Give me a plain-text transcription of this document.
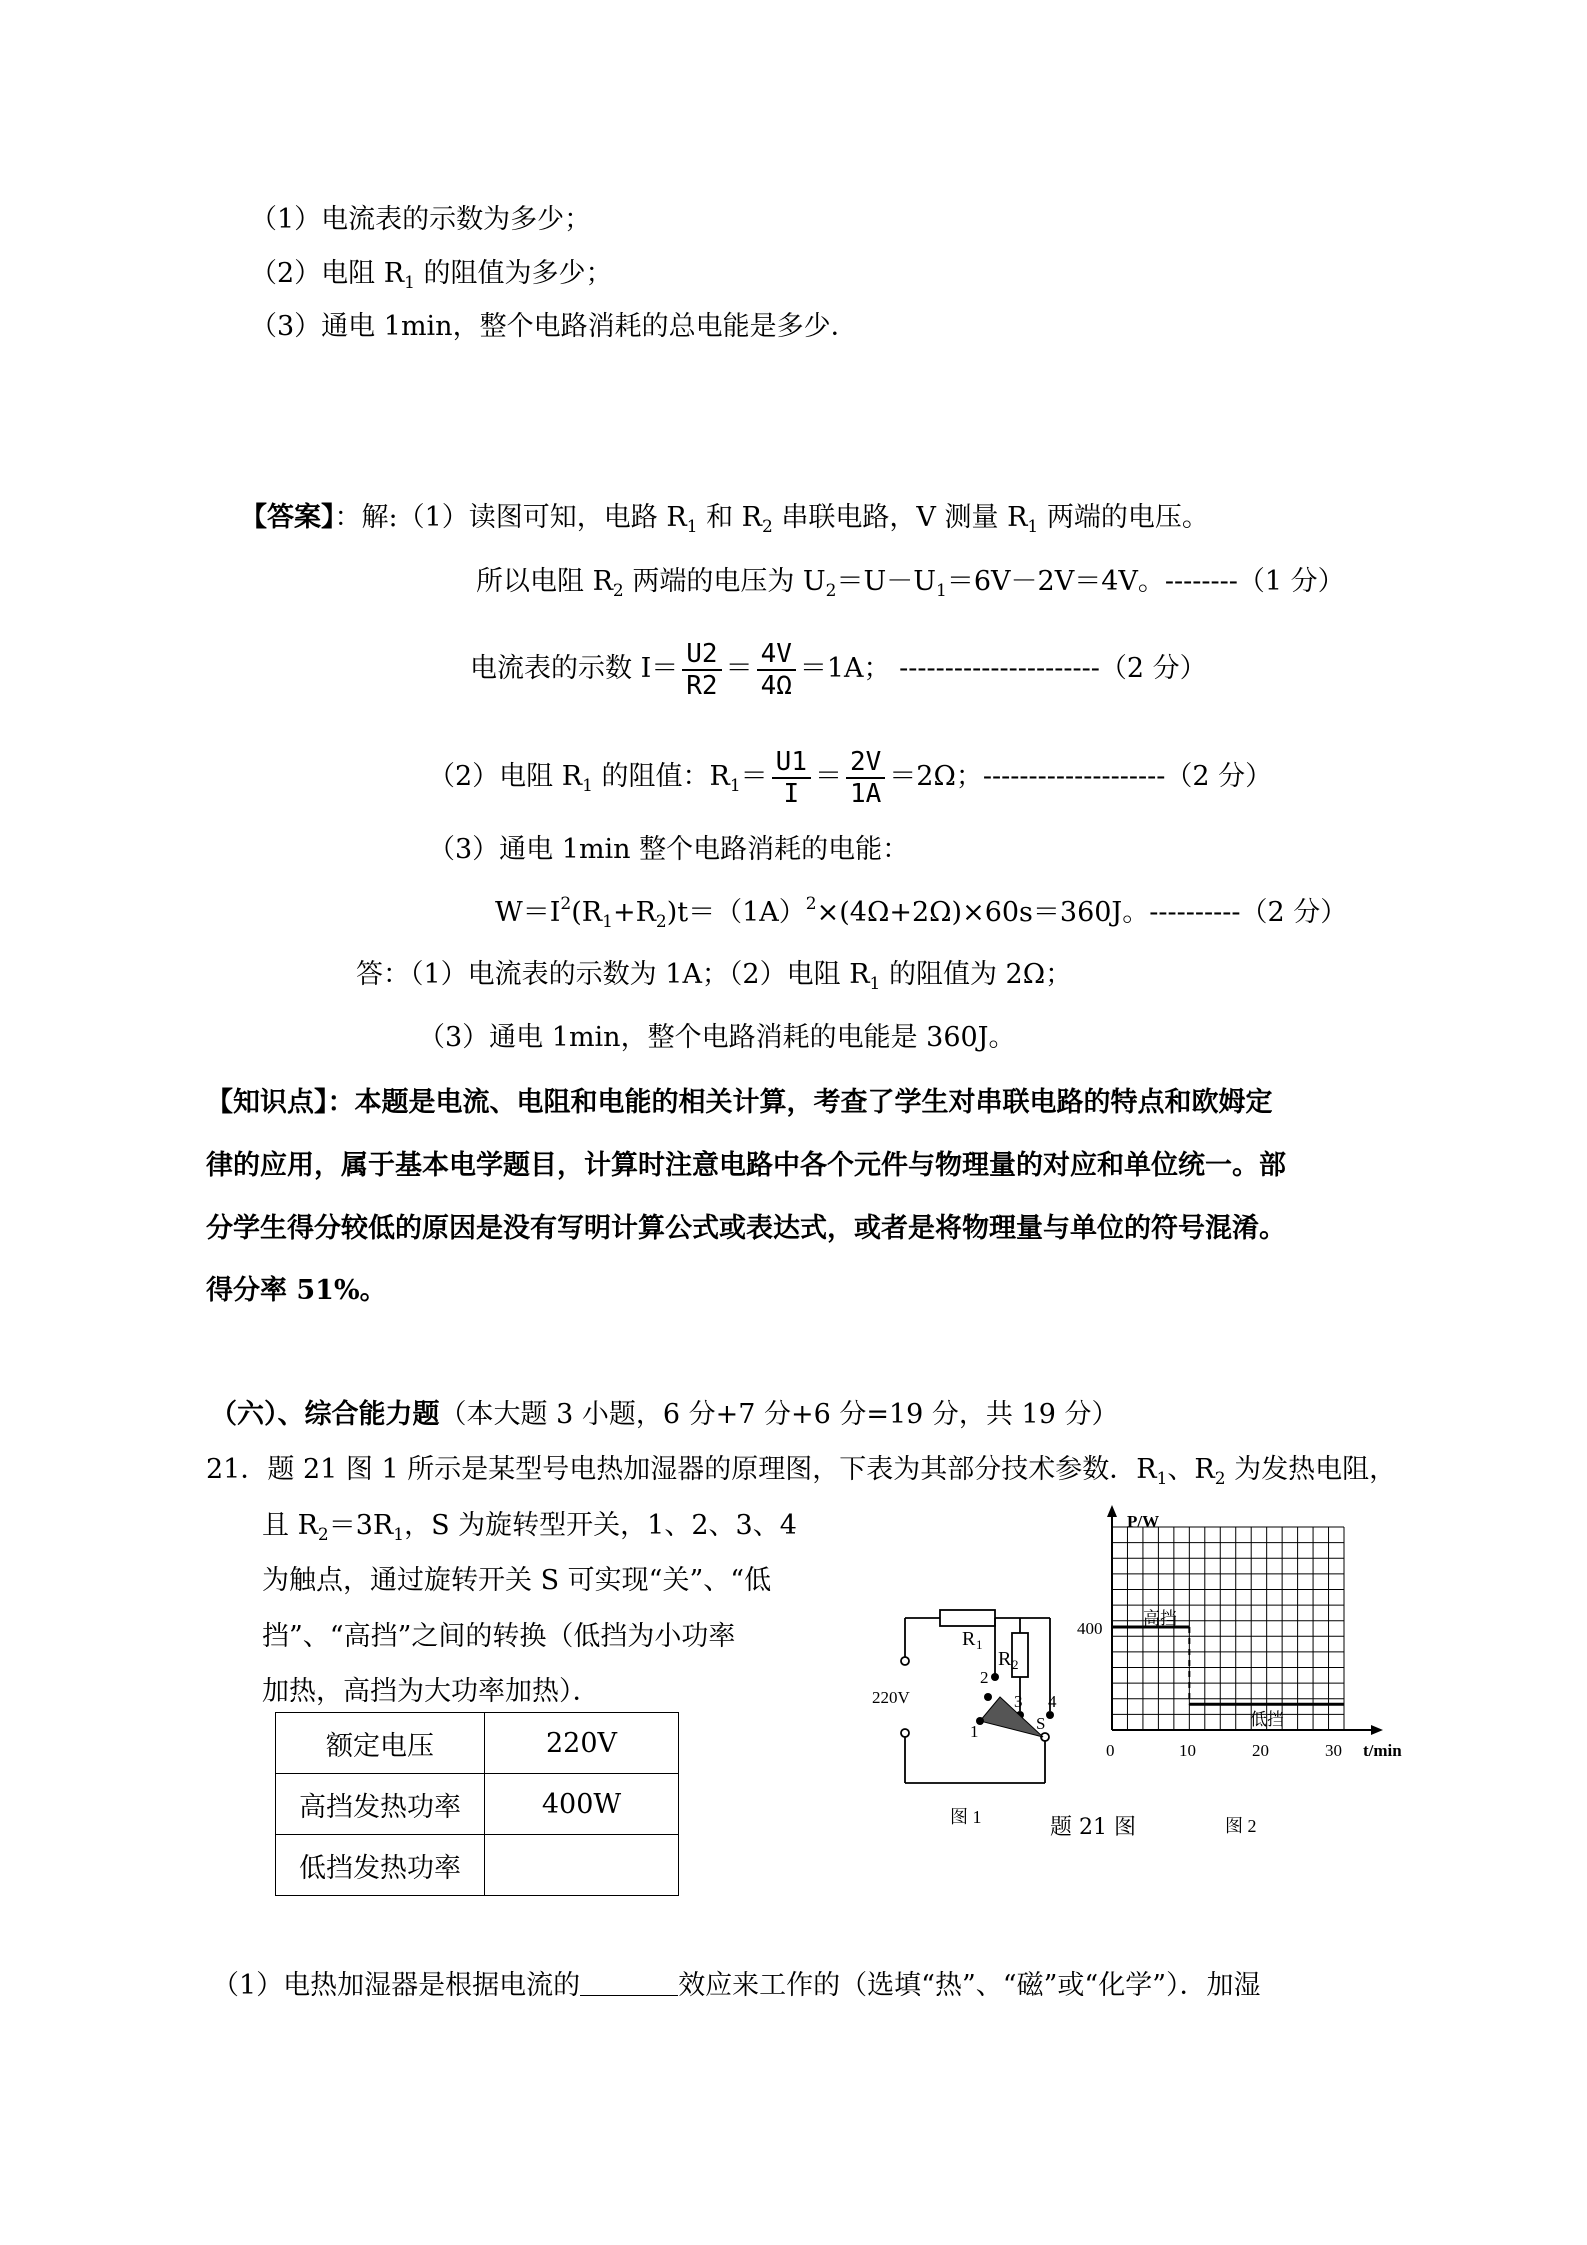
（1）电流表的示数为多少；
（2）电阻 $R_1$ 的阻值为多少；
（3）通电 1min，整个电路消耗的总电能是多少．
【答案】：解:（1）读图可知，电路 $R_1$ 和 $R_2$ 串联电路，V 测量 $R_1$ 两端的电压。
所以电阻 $R_2$ 两端的电压为 $U_2=U-U_1=6V-2V=4V$。--------（1 分）
电流表的示数 $I= \frac{U2}{R2} = \frac{4V}{4\Omega} =1A$； ----------------------（2 分）
（2）电阻 $R_1$ 的阻值：$R_1= \frac{U1}{I} = \frac{2V}{1A} =2\Omega$；--------------------（2 分）
（3）通电 1min 整个电路消耗的电能：
$W=I^2(R_1+R_2)t=(1A)^2\times(4\Omega+2\Omega)\times 60s=360J$。----------（2 分）
答：（1）电流表的示数为 1A；（2）电阻 $R_1$ 的阻值为 2Ω；
（3）通电 1min，整个电路消耗的电能是 360J。
【知识点】：本题是电流、电阻和电能的相关计算，考查了学生对串联电路的特点和欧姆定
律的应用，属于基本电学题目，计算时注意电路中各个元件与物理量的对应和单位统一。部
分学生得分较低的原因是没有写明计算公式或表达式，或者是将物理量与单位的符号混淆。
得分率 51%。
（六）、综合能力题（本大题 3 小题，6 分+7 分+6 分=19 分，共 19 分）
21．题 21 图 1 所示是某型号电热加湿器的原理图，下表为其部分技术参数．$R_1$、$R_2$ 为发热电阻，
且 $R_2=3R_1$，S 为旋转型开关，1、2、3、4
为触点，通过旋转开关 S 可实现“关”、“低
挡”、“高挡”之间的转换（低挡为小功率
加热，高挡为大功率加热）．
额定电压	220V
高挡发热功率	400W
低挡发热功率	
R 1
R 2
220V
1
2
3 4
S
图 1
P/W
t/min
400
0	10	20	30
高挡
低挡
图 2
题 21 图
（1）电热加湿器是根据电流的	效应来工作的（选填“热”、“磁”或“化学”）．加湿
